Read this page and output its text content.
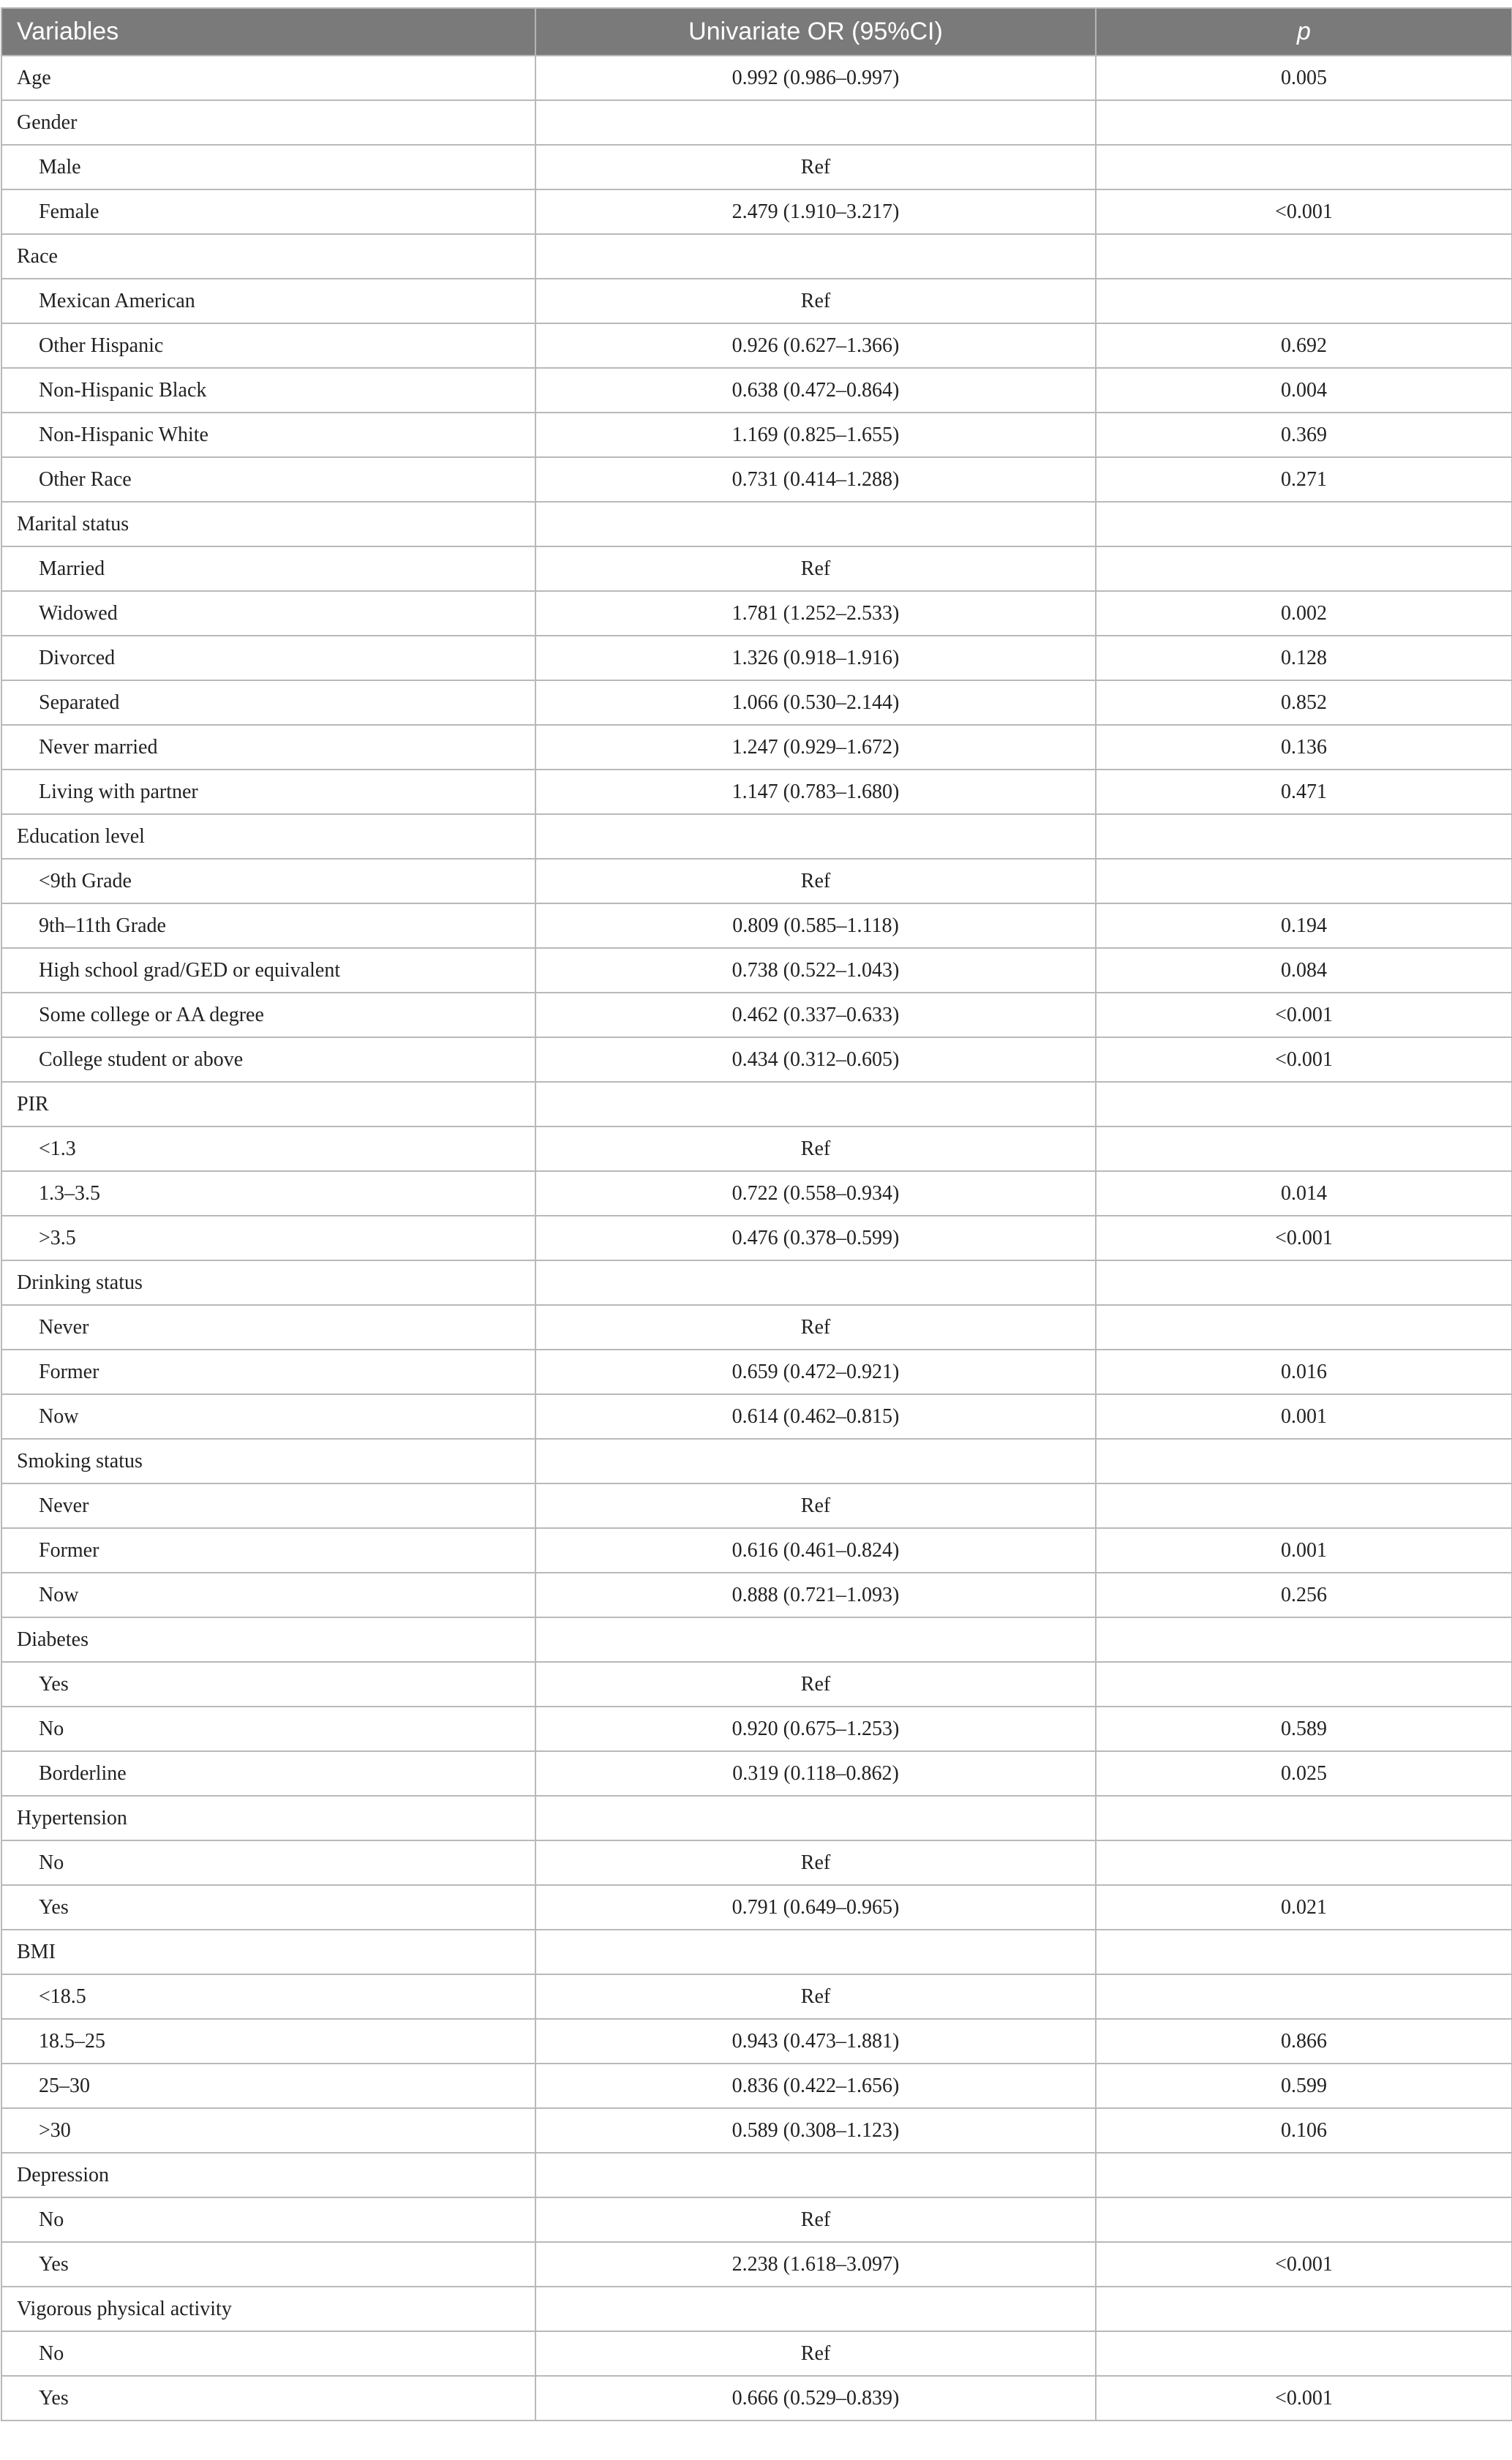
Variables	Univariate OR (95%CI)	p
Age	0.992 (0.986–0.997)	0.005
Gender		
Male	Ref	
Female	2.479 (1.910–3.217)	<0.001
Race		
Mexican American	Ref	
Other Hispanic	0.926 (0.627–1.366)	0.692
Non-Hispanic Black	0.638 (0.472–0.864)	0.004
Non-Hispanic White	1.169 (0.825–1.655)	0.369
Other Race	0.731 (0.414–1.288)	0.271
Marital status		
Married	Ref	
Widowed	1.781 (1.252–2.533)	0.002
Divorced	1.326 (0.918–1.916)	0.128
Separated	1.066 (0.530–2.144)	0.852
Never married	1.247 (0.929–1.672)	0.136
Living with partner	1.147 (0.783–1.680)	0.471
Education level		
<9th Grade	Ref	
9th–11th Grade	0.809 (0.585–1.118)	0.194
High school grad/GED or equivalent	0.738 (0.522–1.043)	0.084
Some college or AA degree	0.462 (0.337–0.633)	<0.001
College student or above	0.434 (0.312–0.605)	<0.001
PIR		
<1.3	Ref	
1.3–3.5	0.722 (0.558–0.934)	0.014
>3.5	0.476 (0.378–0.599)	<0.001
Drinking status		
Never	Ref	
Former	0.659 (0.472–0.921)	0.016
Now	0.614 (0.462–0.815)	0.001
Smoking status		
Never	Ref	
Former	0.616 (0.461–0.824)	0.001
Now	0.888 (0.721–1.093)	0.256
Diabetes		
Yes	Ref	
No	0.920 (0.675–1.253)	0.589
Borderline	0.319 (0.118–0.862)	0.025
Hypertension		
No	Ref	
Yes	0.791 (0.649–0.965)	0.021
BMI		
<18.5	Ref	
18.5–25	0.943 (0.473–1.881)	0.866
25–30	0.836 (0.422–1.656)	0.599
>30	0.589 (0.308–1.123)	0.106
Depression		
No	Ref	
Yes	2.238 (1.618–3.097)	<0.001
Vigorous physical activity		
No	Ref	
Yes	0.666 (0.529–0.839)	<0.001
